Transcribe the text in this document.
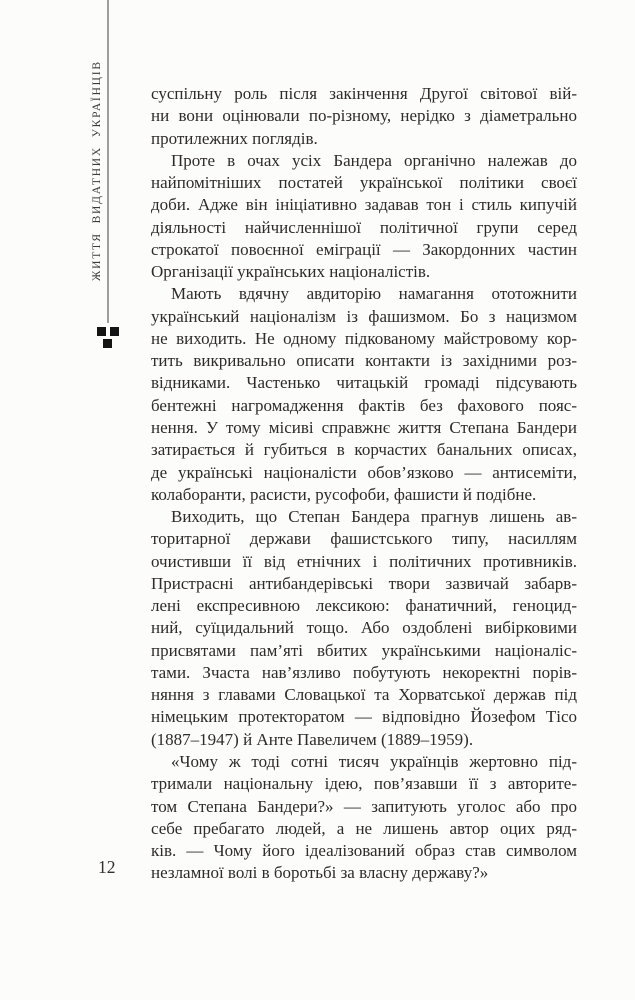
ЖИТТЯ ВИДАТНИХ УКРАЇНЦІВ
12
суспільну роль після закінчення Другої світової вій-
ни вони оцінювали по-різному, нерідко з діаметрально
протилежних поглядів.
Проте в очах усіх Бандера органічно належав до
найпомітніших постатей української політики своєї
доби. Адже він ініціативно задавав тон і стиль кипучій
діяльності найчисленнішої політичної групи серед
строкатої повоєнної еміграції — Закордонних частин
Організації українських націоналістів.
Мають вдячну авдиторію намагання ототожнити
український націоналізм із фашизмом. Бо з нацизмом
не виходить. Не одному підкованому майстровому кор-
тить викривально описати контакти із західними роз-
відниками. Частенько читацькій громаді підсувають
бентежні нагромадження фактів без фахового пояс-
нення. У тому місиві справжнє життя Степана Бандери
затирається й губиться в корчастих банальних описах,
де українські націоналісти обов’язково — антисеміти,
колаборанти, расисти, русофоби, фашисти й подібне.
Виходить, що Степан Бандера прагнув лишень ав-
торитарної держави фашистського типу, насиллям
очистивши її від етнічних і політичних противників.
Пристрасні антибандерівські твори зазвичай забарв-
лені експресивною лексикою: фанатичний, геноцид-
ний, суїцидальний тощо. Або оздоблені вибірковими
присвятами пам’яті вбитих українськими націоналіс-
тами. Зчаста нав’язливо побутують некоректні порів-
няння з главами Словацької та Хорватської держав під
німецьким протекторатом — відповідно Йозефом Тісо
(1887–1947) й Анте Павеличем (1889–1959).
«Чому ж тоді сотні тисяч українців жертовно під-
тримали національну ідею, пов’язавши її з авторите-
том Степана Бандери?» — запитують уголос або про
себе пребагато людей, а не лишень автор оцих ряд-
ків. — Чому його ідеалізований образ став символом
незламної волі в боротьбі за власну державу?»
